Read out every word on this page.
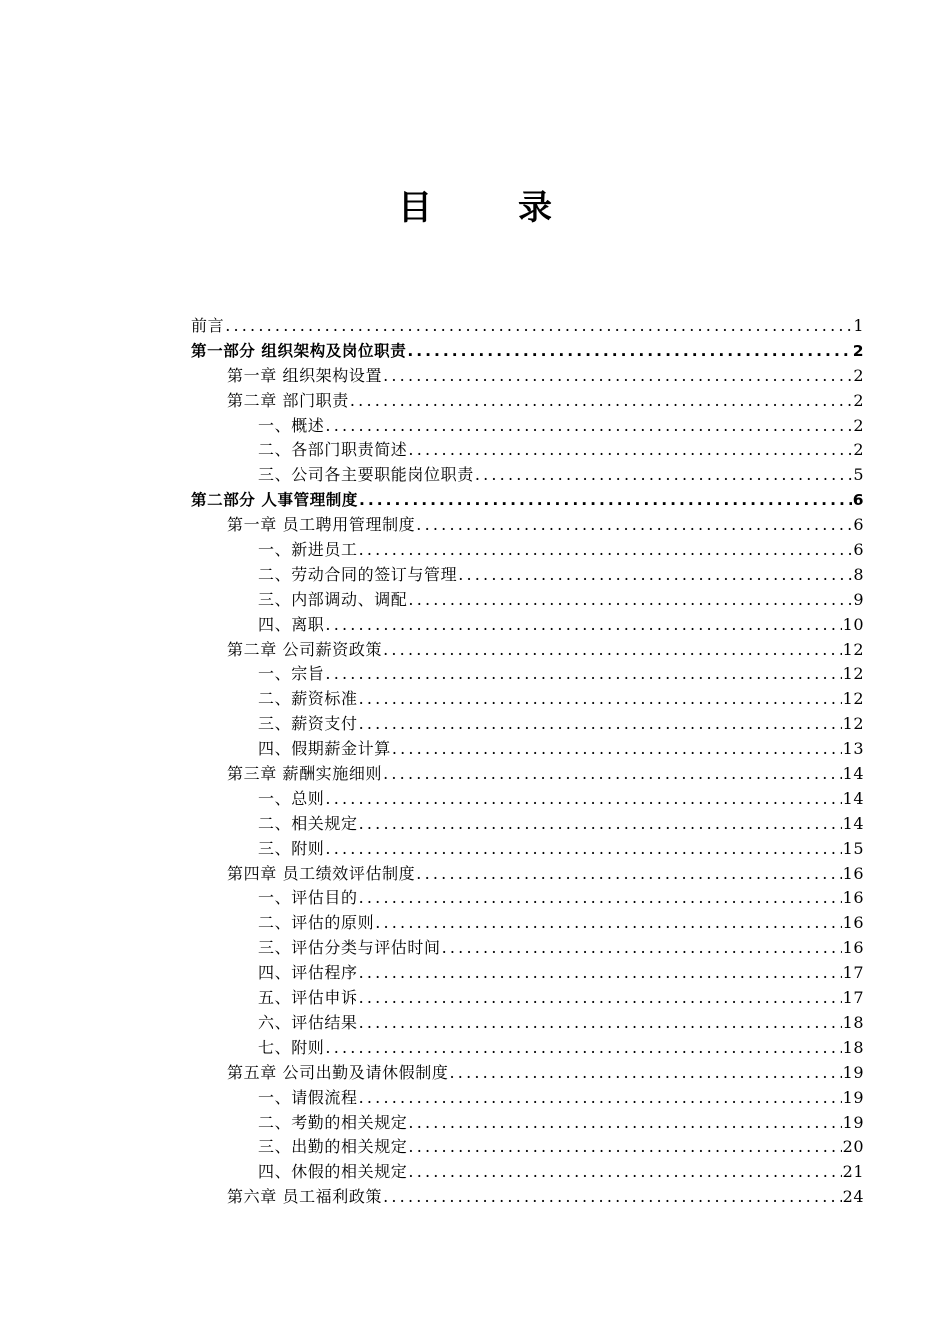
目　录
前言 .....	1
第一部分 组织架构及岗位职责 .....	2
第一章 组织架构设置 .....	2
第二章 部门职责 .....	2
一、概述 .....	2
二、各部门职责简述 .....	2
三、公司各主要职能岗位职责 .....	5
第二部分 人事管理制度 .....	6
第一章 员工聘用管理制度 .....	6
一、新进员工 .....	6
二、劳动合同的签订与管理 .....	8
三、内部调动、调配 .....	9
四、离职 .....	10
第二章 公司薪资政策 .....	12
一、宗旨 .....	12
二、薪资标准 .....	12
三、薪资支付 .....	12
四、假期薪金计算 .....	13
第三章 薪酬实施细则 .....	14
一、总则 .....	14
二、相关规定 .....	14
三、附则 .....	15
第四章 员工绩效评估制度 .....	16
一、评估目的 .....	16
二、评估的原则 .....	16
三、评估分类与评估时间 .....	16
四、评估程序 .....	17
五、评估申诉 .....	17
六、评估结果 .....	18
七、附则 .....	18
第五章 公司出勤及请休假制度 .....	19
一、请假流程 .....	19
二、考勤的相关规定 .....	19
三、出勤的相关规定 .....	20
四、休假的相关规定 .....	21
第六章 员工福利政策 .....	24
